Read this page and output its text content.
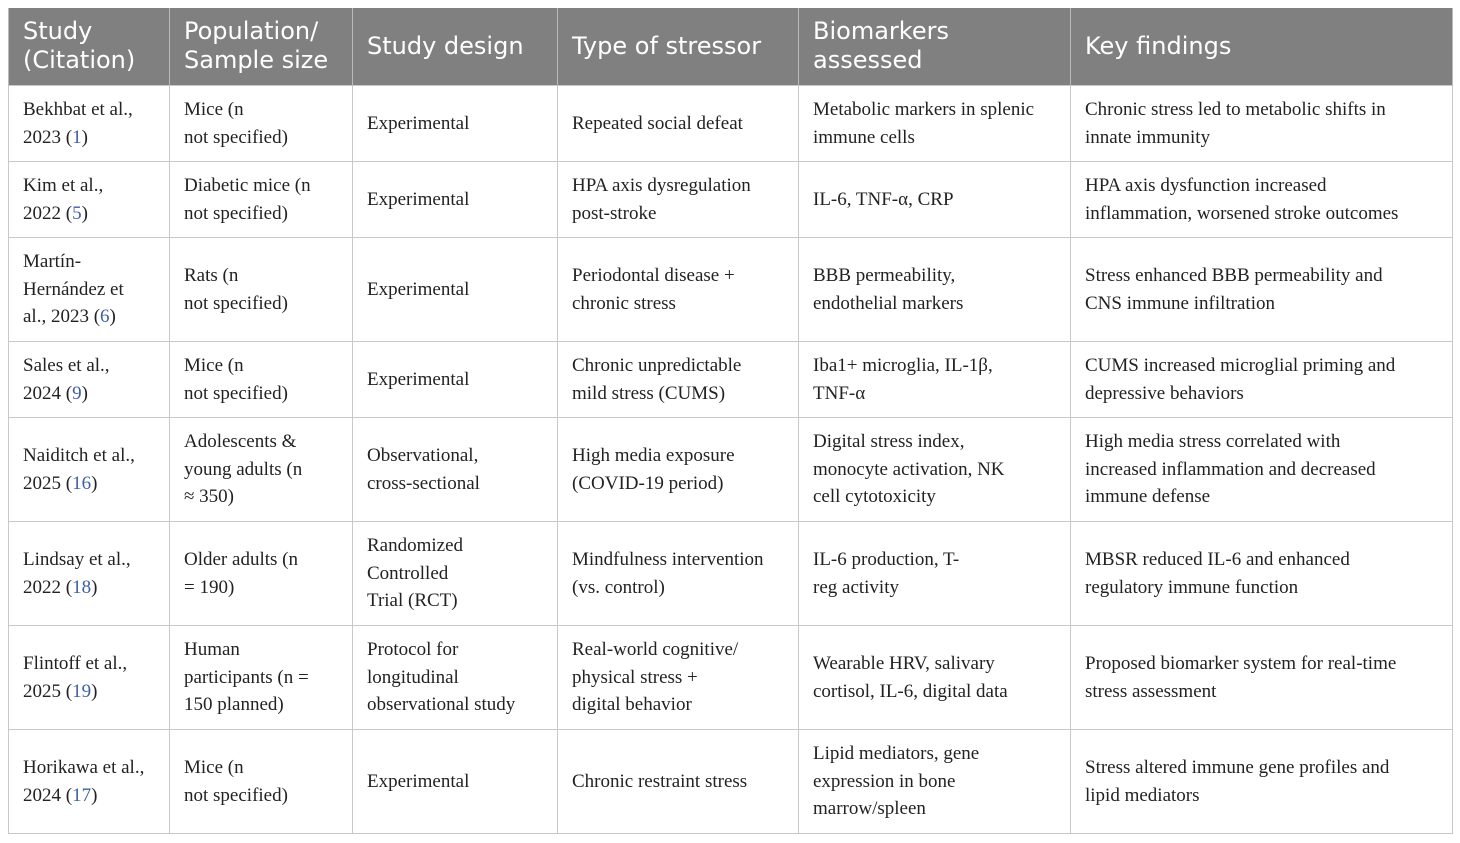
Study
(Citation)	Population/
Sample size	Study design	Type of stressor	Biomarkers
assessed	Key findings
Bekhbat et al.,
2023 (1)	Mice (n
not specified)	Experimental	Repeated social defeat	Metabolic markers in splenic
immune cells	Chronic stress led to metabolic shifts in
innate immunity
Kim et al.,
2022 (5)	Diabetic mice (n
not specified)	Experimental	HPA axis dysregulation
post-stroke	IL-6, TNF-α, CRP	HPA axis dysfunction increased
inflammation, worsened stroke outcomes
Martín-
Hernández et
al., 2023 (6)	Rats (n
not specified)	Experimental	Periodontal disease +
chronic stress	BBB permeability,
endothelial markers	Stress enhanced BBB permeability and
CNS immune infiltration
Sales et al.,
2024 (9)	Mice (n
not specified)	Experimental	Chronic unpredictable
mild stress (CUMS)	Iba1+ microglia, IL-1β,
TNF-α	CUMS increased microglial priming and
depressive behaviors
Naiditch et al.,
2025 (16)	Adolescents &
young adults (n
≈ 350)	Observational,
cross-sectional	High media exposure
(COVID-19 period)	Digital stress index,
monocyte activation, NK
cell cytotoxicity	High media stress correlated with
increased inflammation and decreased
immune defense
Lindsay et al.,
2022 (18)	Older adults (n
= 190)	Randomized
Controlled
Trial (RCT)	Mindfulness intervention
(vs. control)	IL-6 production, T-
reg activity	MBSR reduced IL-6 and enhanced
regulatory immune function
Flintoff et al.,
2025 (19)	Human
participants (n =
150 planned)	Protocol for
longitudinal
observational study	Real-world cognitive/
physical stress +
digital behavior	Wearable HRV, salivary
cortisol, IL-6, digital data	Proposed biomarker system for real-time
stress assessment
Horikawa et al.,
2024 (17)	Mice (n
not specified)	Experimental	Chronic restraint stress	Lipid mediators, gene
expression in bone
marrow/spleen	Stress altered immune gene profiles and
lipid mediators
